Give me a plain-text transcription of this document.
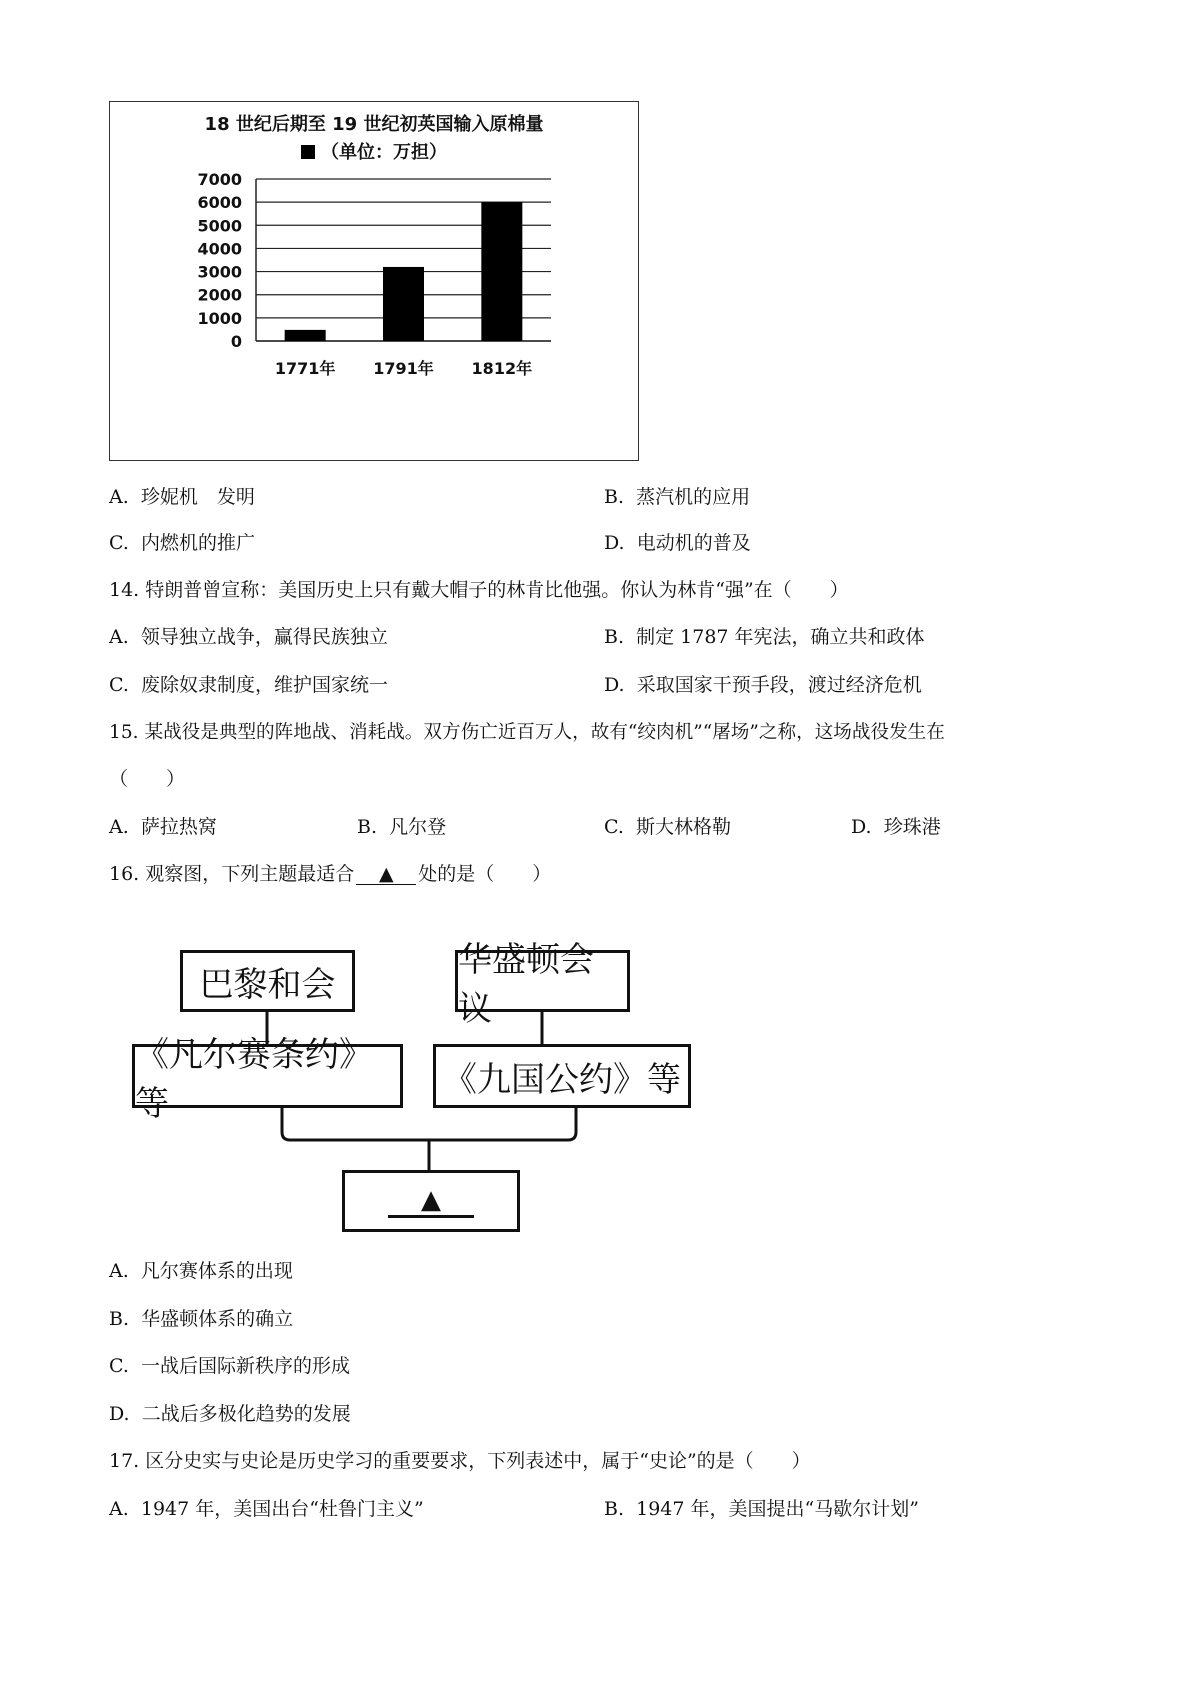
18 世纪后期至 19 世纪初英国输入原棉量
（单位：万担）
0
1000
2000
3000
4000
5000
6000
7000
1771年 1791年 1812年
A. 珍妮机　发明	B. 蒸汽机的应用
C. 内燃机的推广	D. 电动机的普及
14. 特朗普曾宣称：美国历史上只有戴大帽子的林肯比他强。你认为林肯“强”在（　　）
A. 领导独立战争，赢得民族独立	B. 制定 1787 年宪法，确立共和政体
C. 废除奴隶制度，维护国家统一	D. 采取国家干预手段，渡过经济危机
15. 某战役是典型的阵地战、消耗战。双方伤亡近百万人，故有“绞肉机”“屠场”之称，这场战役发生在
（　　）
A. 萨拉热窝	B. 凡尔登	C. 斯大林格勒	D. 珍珠港
16. 观察图，下列主题最适合 ▲ 处的是（　　）
巴黎和会
华盛顿会议
《凡尔赛条约》等
《九国公约》等
▲
A. 凡尔赛体系的出现
B. 华盛顿体系的确立
C. 一战后国际新秩序的形成
D. 二战后多极化趋势的发展
17. 区分史实与史论是历史学习的重要要求，下列表述中，属于“史论”的是（　　）
A. 1947 年，美国出台“杜鲁门主义”	B. 1947 年，美国提出“马歇尔计划”
